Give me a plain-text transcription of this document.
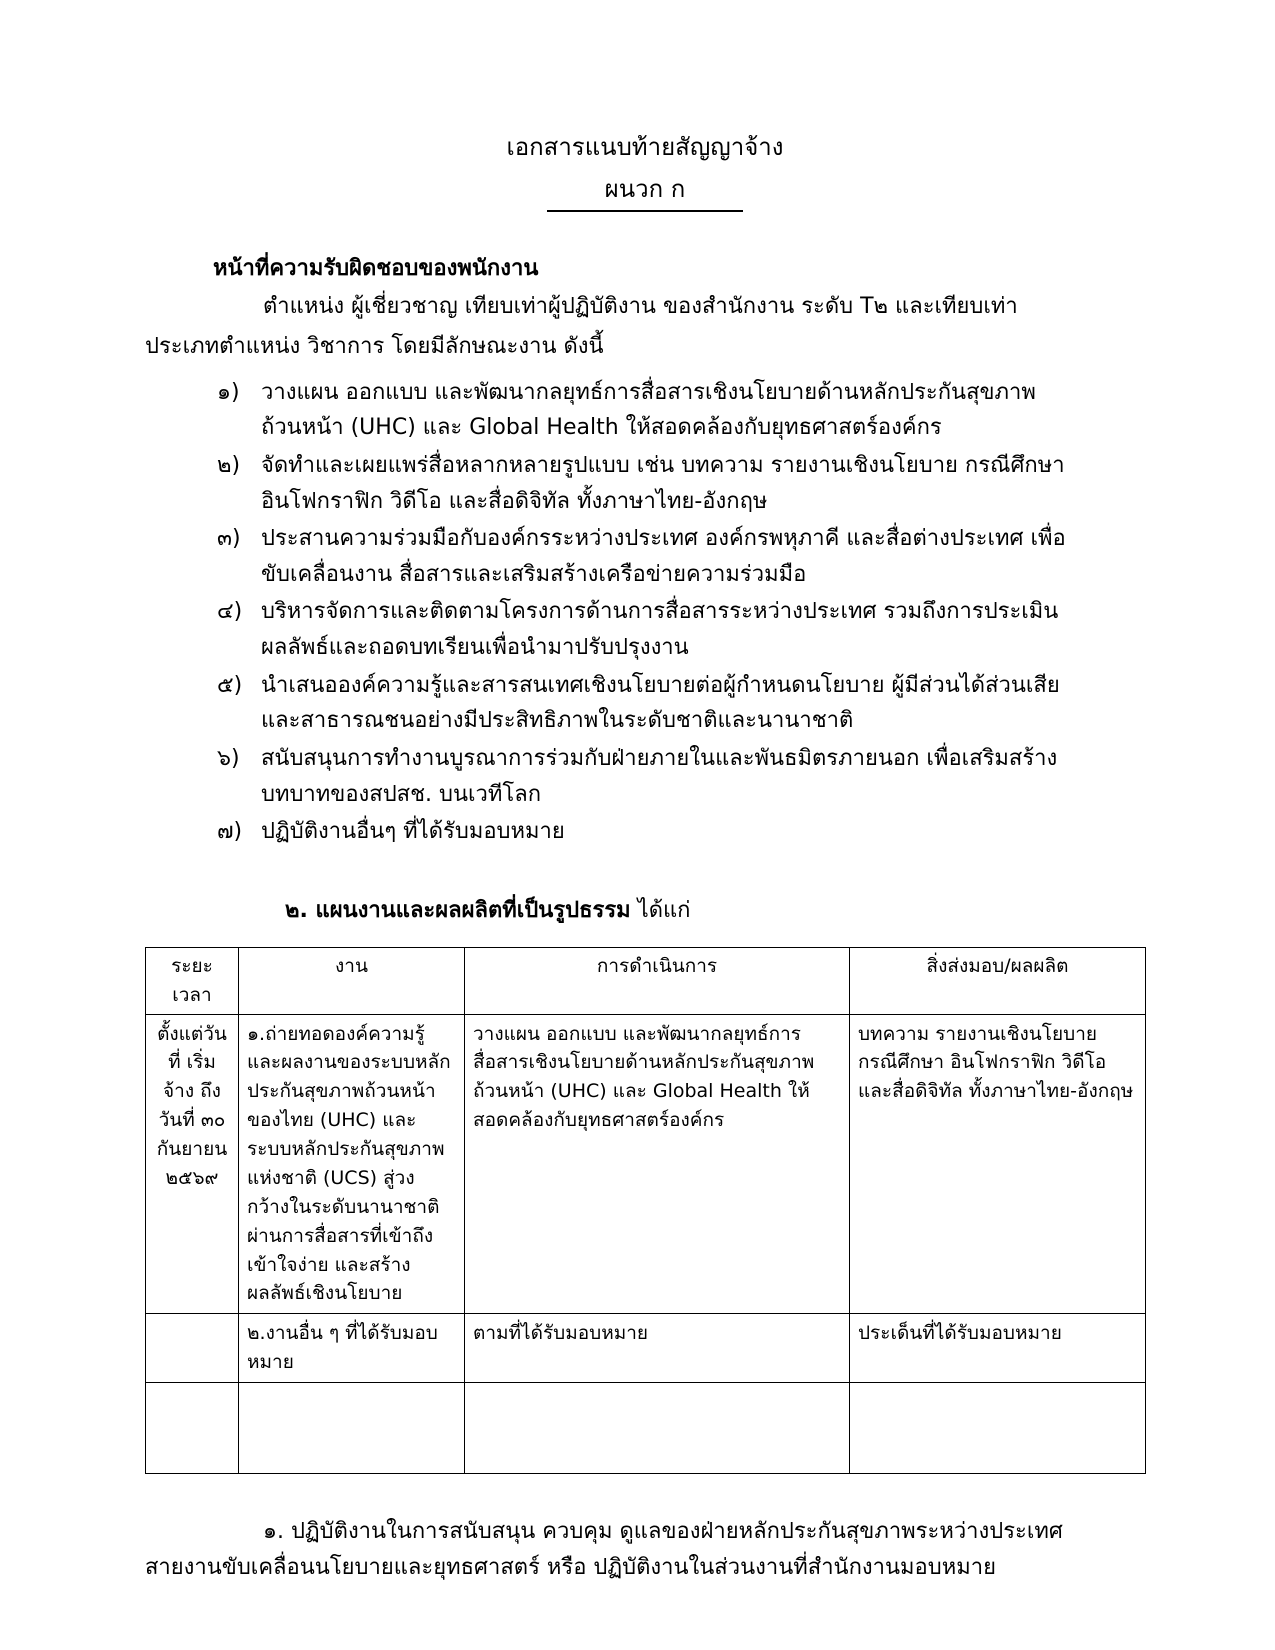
เอกสารแนบท้ายสัญญาจ้าง
ผนวก ก
หน้าที่ความรับผิดชอบของพนักงาน
ตำแหน่ง ผู้เชี่ยวชาญ เทียบเท่าผู้ปฏิบัติงาน ของสำนักงาน ระดับ T๒ และเทียบเท่า
ประเภทตำแหน่ง วิชาการ โดยมีลักษณะงาน ดังนี้
๑) วางแผน ออกแบบ และพัฒนากลยุทธ์การสื่อสารเชิงนโยบายด้านหลักประกันสุขภาพถ้วนหน้า (UHC) และ Global Health ให้สอดคล้องกับยุทธศาสตร์องค์กร
๒) จัดทำและเผยแพร่สื่อหลากหลายรูปแบบ เช่น บทความ รายงานเชิงนโยบาย กรณีศึกษา อินโฟกราฟิก วิดีโอ และสื่อดิจิทัล ทั้งภาษาไทย-อังกฤษ
๓) ประสานความร่วมมือกับองค์กรระหว่างประเทศ องค์กรพหุภาคี และสื่อต่างประเทศ เพื่อขับเคลื่อนงาน สื่อสารและเสริมสร้างเครือข่ายความร่วมมือ
๔) บริหารจัดการและติดตามโครงการด้านการสื่อสารระหว่างประเทศ รวมถึงการประเมินผลลัพธ์และถอดบทเรียนเพื่อนำมาปรับปรุงงาน
๕) นำเสนอองค์ความรู้และสารสนเทศเชิงนโยบายต่อผู้กำหนดนโยบาย ผู้มีส่วนได้ส่วนเสีย และสาธารณชนอย่างมีประสิทธิภาพในระดับชาติและนานาชาติ
๖) สนับสนุนการทำงานบูรณาการร่วมกับฝ่ายภายในและพันธมิตรภายนอก เพื่อเสริมสร้างบทบาทของสปสช. บนเวทีโลก
๗) ปฏิบัติงานอื่นๆ ที่ได้รับมอบหมาย
๒. แผนงานและผลผลิตที่เป็นรูปธรรม ได้แก่
ระยะเวลา	งาน	การดำเนินการ	สิ่งส่งมอบ/ผลผลิต
ตั้งแต่วันที่ เริ่มจ้าง ถึงวันที่ ๓๐ กันยายน ๒๕๖๙	๑.ถ่ายทอดองค์ความรู้และผลงานของระบบหลักประกันสุขภาพถ้วนหน้าของไทย (UHC) และระบบหลักประกันสุขภาพแห่งชาติ (UCS) สู่วงกว้างในระดับนานาชาติ ผ่านการสื่อสารที่เข้าถึง เข้าใจง่าย และสร้างผลลัพธ์เชิงนโยบาย	วางแผน ออกแบบ และพัฒนากลยุทธ์การสื่อสารเชิงนโยบายด้านหลักประกันสุขภาพถ้วนหน้า (UHC) และ Global Health ให้สอดคล้องกับยุทธศาสตร์องค์กร	บทความ รายงานเชิงนโยบาย กรณีศึกษา อินโฟกราฟิก วิดีโอ และสื่อดิจิทัล ทั้งภาษาไทย-อังกฤษ
	๒.งานอื่น ๆ ที่ได้รับมอบหมาย	ตามที่ได้รับมอบหมาย	ประเด็นที่ได้รับมอบหมาย

๑. ปฏิบัติงานในการสนับสนุน ควบคุม ดูแลของฝ่ายหลักประกันสุขภาพระหว่างประเทศ
สายงานขับเคลื่อนนโยบายและยุทธศาสตร์ หรือ ปฏิบัติงานในส่วนงานที่สำนักงานมอบหมาย
